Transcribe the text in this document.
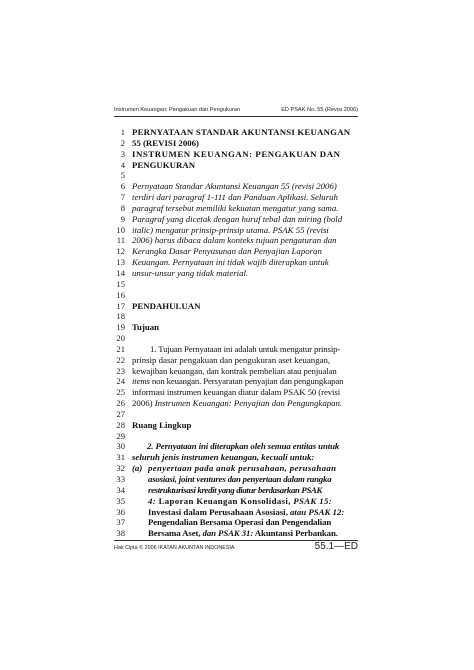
Instrumen Keuangan: Pengakuan dan Pengukuran	ED PSAK No. 55 (Revisi 2006)
1 PERNYATAAN STANDAR AKUNTANSI KEUANGAN
2 55 (REVISI 2006)
3 INSTRUMEN KEUANGAN: PENGAKUAN DAN
4 PENGUKURAN
5
6 Pernyataan Standar Akuntansi Keuangan 55 (revisi 2006)
7 terdiri dari paragraf 1-111 dan Panduan Aplikasi. Seluruh
8 paragraf tersebut memiliki kekuatan mengatur yang sama.
9 Paragraf yang dicetak dengan huruf tebal dan miring (bold
10 italic) mengatur prinsip-prinsip utama. PSAK 55 (revisi
11 2006) harus dibaca dalam konteks tujuan pengaturan dan
12 Kerangka Dasar Penyusunan dan Penyajian Laporan
13 Keuangan. Pernyataan ini tidak wajib diterapkan untuk
14 unsur-unsur yang tidak material.
15
16
17 PENDAHULUAN
18
19 Tujuan
20
21	1. Tujuan Pernyataan ini adalah untuk mengatur prinsip-
22 prinsip dasar pengakuan dan pengukuran aset keuangan,
23 kewajiban keuangan, dan kontrak pembelian atau penjualan
24 items non keuangan. Persyaratan penyajian dan pengungkapan
25 informasi instrumen keuangan diatur dalam PSAK 50 (revisi
26 2006) Instrumen Keuangan: Penyajian dan Pengungkapan.
27
28 Ruang Lingkup
29
30	2. Pernyataan ini diterapkan oleh semua entitas untuk
31 seluruh jenis instrumen keuangan, kecuali untuk:
32 (a) penyertaan pada anak perusahaan, perusahaan
33	asosiasi, joint ventures dan penyertaan dalam rangka
34	restrukturisasi kredit yang diatur berdasarkan PSAK
35	4: Laporan Keuangan Konsolidasi, PSAK 15:
36	Investasi dalam Perusahaan Asosiasi, atau PSAK 12:
37	Pengendalian Bersama Operasi dan Pengendalian
38	Bersama Aset, dan PSAK 31: Akuntansi Perbankan.
Hak Cipta © 2006 IKATAN AKUNTAN INDONESIA	55.1—ED
